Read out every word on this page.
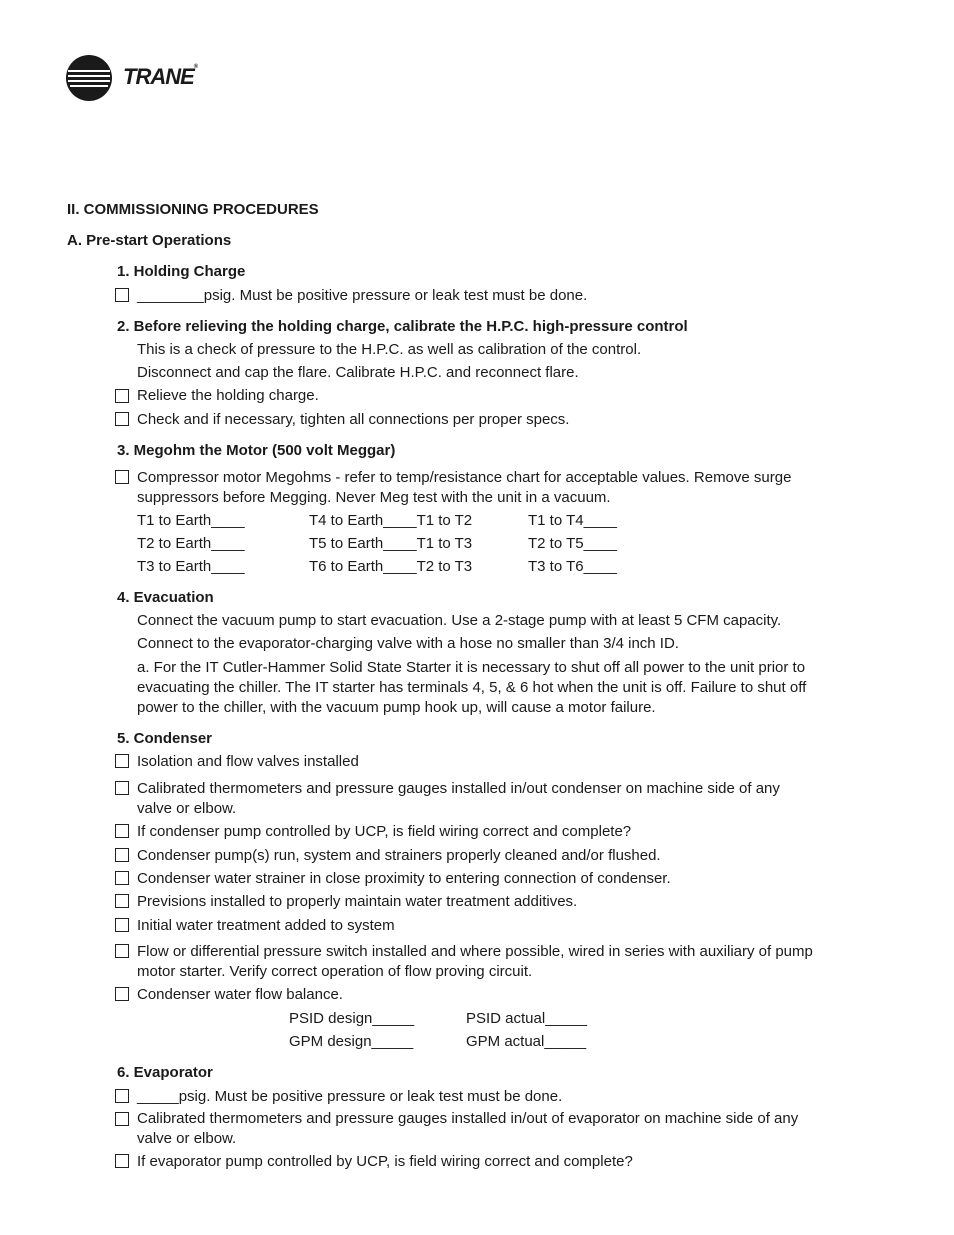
TRANE®
II. COMMISSIONING PROCEDURES
A. Pre-start Operations
1. Holding Charge
________psig. Must be positive pressure or leak test must be done.
2. Before relieving the holding charge, calibrate the H.P.C. high-pressure control
This is a check of pressure to the H.P.C. as well as calibration of the control.
Disconnect and cap the flare. Calibrate H.P.C. and reconnect flare.
Relieve the holding charge.
Check and if necessary, tighten all connections per proper specs.
3. Megohm the Motor (500 volt Meggar)
Compressor motor Megohms - refer to temp/resistance chart for acceptable values. Remove surge
suppressors before Megging. Never Meg test with the unit in a vacuum.
T1 to Earth____	T4 to Earth____T1 to T2	T1 to T4____
T2 to Earth____	T5 to Earth____T1 to T3	T2 to T5____
T3 to Earth____	T6 to Earth____T2 to T3	T3 to T6____
4. Evacuation
Connect the vacuum pump to start evacuation. Use a 2-stage pump with at least 5 CFM capacity.
Connect to the evaporator-charging valve with a hose no smaller than 3/4 inch ID.
a. For the IT Cutler-Hammer Solid State Starter it is necessary to shut off all power to the unit prior to
evacuating the chiller. The IT starter has terminals 4, 5, & 6 hot when the unit is off. Failure to shut off
power to the chiller, with the vacuum pump hook up, will cause a motor failure.
5. Condenser
Isolation and flow valves installed
Calibrated thermometers and pressure gauges installed in/out condenser on machine side of any
valve or elbow.
If condenser pump controlled by UCP, is field wiring correct and complete?
Condenser pump(s) run, system and strainers properly cleaned and/or flushed.
Condenser water strainer in close proximity to entering connection of condenser.
Previsions installed to properly maintain water treatment additives.
Initial water treatment added to system
Flow or differential pressure switch installed and where possible, wired in series with auxiliary of pump
motor starter. Verify correct operation of flow proving circuit.
Condenser water flow balance.
PSID design_____	PSID actual_____
GPM design_____	GPM actual_____
6. Evaporator
_____psig. Must be positive pressure or leak test must be done.
Calibrated thermometers and pressure gauges installed in/out of evaporator on machine side of any
valve or elbow.
If evaporator pump controlled by UCP, is field wiring correct and complete?
